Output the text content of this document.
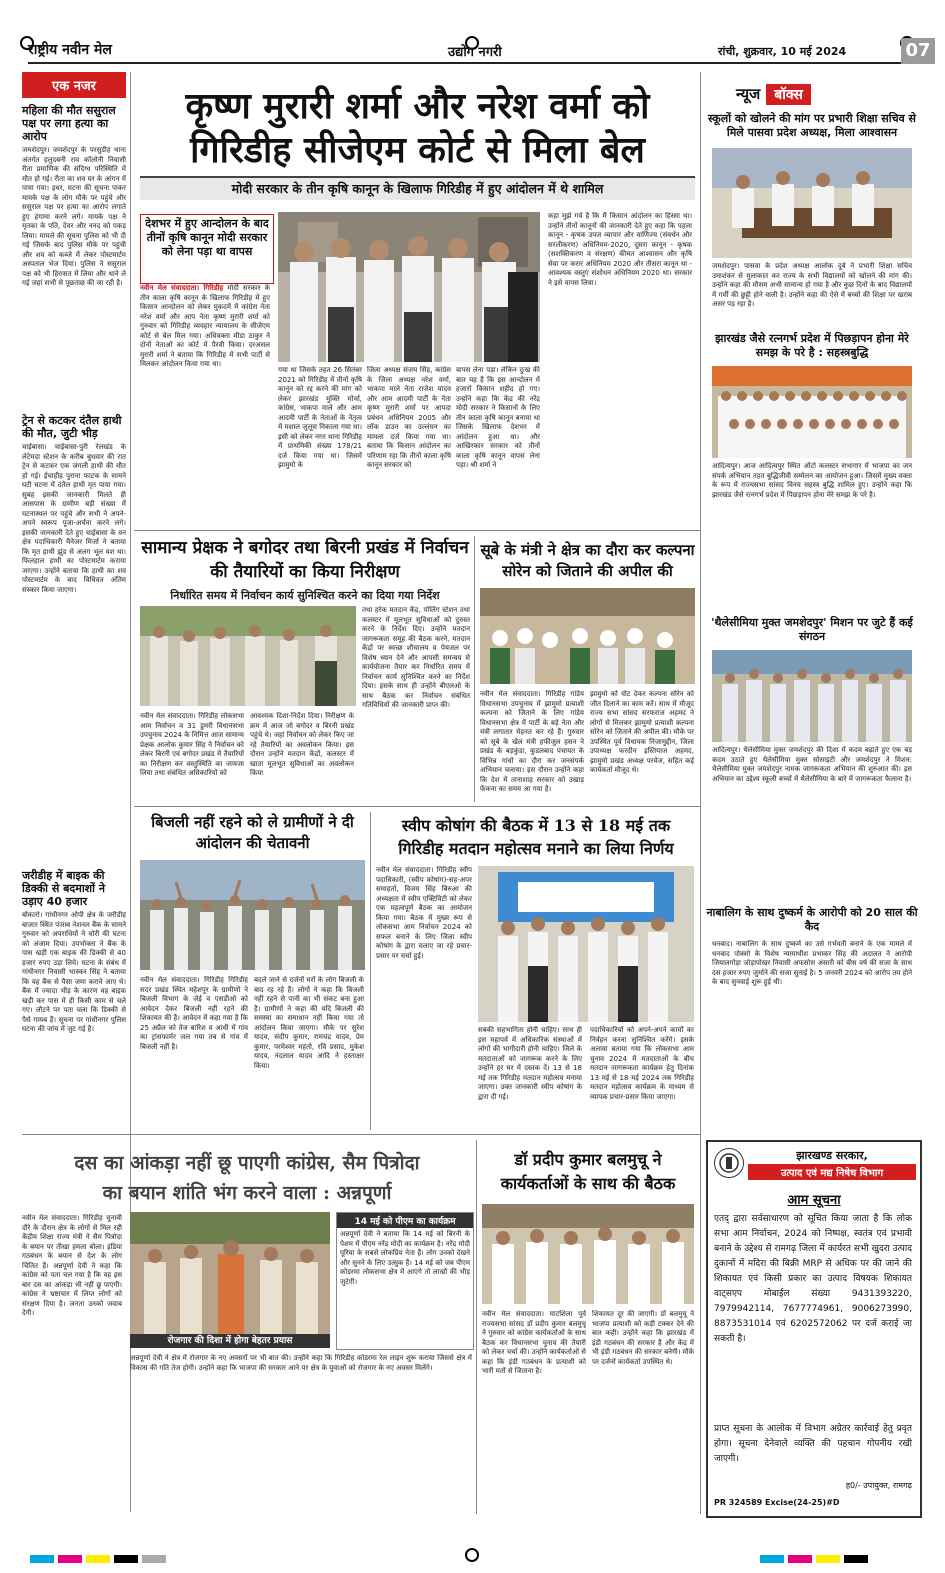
राष्ट्रीय नवीन मेल	उद्योग नगरी	रांची, शुक्रवार, 10 मई 2024	07
एक नजर
महिला की मौत ससुराल पक्ष पर लगा हत्या का आरोप
जमशेदपुर। जमशेदपुर के परसुडीह थाना अंतर्गत हलुदबनी राव कॉलोनी निवासी रीता प्रमाणिक की संदिग्ध परिस्थिति में मौत हो गई। रीता का शव घर के आंगन में पाया गया। इधर, घटना की सूचना पाकर मायके पक्ष के लोग मौके पर पहुंचे और ससुराल पक्ष पर हत्या का आरोप लगाते हुए हंगामा करने लगे। मायके पक्ष ने मृतका के पति, देवर और ननद को पकड़ लिया। मामले की सूचना पुलिस को भी दी गई जिसके बाद पुलिस मौके पर पहुंची और शव को कब्जे में लेकर पोस्टमार्टम अस्पताल भेज दिया। पुलिस ने ससुराल पक्ष को भी हिरासत में लिया और थाने ले गई जहां सभी से पूछताछ की जा रही है।
ट्रेन से कटकर दंतैल हाथी की मौत, जुटी भीड़
चाईबासा। चाईबासा-पुरी रेलखंड के लेटेमदा स्टेशन के करीब बुधवार की रात ट्रेन से कटकर एक जंगली हाथी की मौत हो गई। ईचाहीह पुराना फाटक के सामने घटी घटना में दंतैल हाथी मृत पाया गया। सुबह इसकी जानकारी मिलते ही आसपास के ग्रामीण बड़ी संख्या में घटनास्थल पर पहुंचे और सभी ने अपने-अपने स्वरूप पूजा-अर्चना करने लगे। इसकी जानकारी देते हुए चाईबासा के वन क्षेत्र पदाधिकारी मैनेजर मिर्जा ने बताया कि मृत हाथी झुंड से अलग भूल वश था। फिलहाल हाथी का पोस्टमार्टम कराया जाएगा। उन्होंने बताया कि हाथी का शव पोस्टमार्टम के बाद विधिवत अंतिम संस्कार किया जाएगा।
जरीडीह में बाइक की डिक्की से बदमाशों ने उड़ाए 40 हजार
बोकारो। गांधीनगर ओपी क्षेत्र के जरीडीह बाजार स्थित पंजाब नेशनल बैंक के सामने गुरुवार को अपराधियों ने चोरी की घटना को अंजाम दिया। उपभोक्ता ने बैंक के पास खड़ी एक बाइक की डिक्की से 40 हजार रुपए उड़ा लिये। घटना के संबंध में गांधीनगर निवासी भास्कर सिंह ने बताया कि वह बैंक से पैसा जमा कराने आए थे। बैंक में ज्यादा भीड़ के कारण वह बाइक खड़ी कर पास में ही किसी काम से चले गए। लौटने पर पता चला कि डिक्की से पैसे गायब हैं। सूचना पर गांधीनगर पुलिस घटना की जांच में जुट गई है।
कृष्ण मुरारी शर्मा और नरेश वर्मा को
गिरिडीह सीजेएम कोर्ट से मिला बेल
मोदी सरकार के तीन कृषि कानून के खिलाफ गिरिडीह में हुए आंदोलन में थे शामिल
देशभर में हुए आन्दोलन के बाद तीनों कृषि कानून मोदी सरकार को लेना पड़ा था वापस
नवीन मेल संवाददाता। गिरिडीह मोदी सरकार के तीन काला कृषि कानून के खिलाफ गिरिडीह में हुए किसान आन्दोलन को लेकर मुकदमें में कांग्रेस नेता नरेश वर्मा और आप नेता कृष्ण मुरारी शर्मा को गुरुवार को गिरिडीह व्यवहार न्यायालय के सीजेएम कोर्ट से बेल मिल गया। अधिवक्ता मीडा ठाकुर ने दोनों नेताओं का कोर्ट में पैरवी किया। दरअसल मुरारी शर्मा ने बताया कि गिरिडीह में सभी पार्टी से मिलकर आंदोलन किया गया था।
गया था जिसके तहत 26 सितंबर 2021 को गिरिडीह में तीनों कृषि कानून को रद्द करने की मांग को लेकर झारखंड मुक्ति मोर्चा, कांग्रेस, भाकपा माले और आम आदमी पार्टी के नेताओं के नेतृत्व में मशाल जुलूस निकाला गया था। इसी को लेकर नगर थाना गिरिडीह में प्राथमिकी संख्या 178/21 दर्ज किया गया था। जिसमें झामुमो के
जिला अध्यक्ष संजय सिंह, कांग्रेस के जिला अध्यक्ष नरेश वर्मा, भाकपा माले नेता राजेश यादव और आम आदमी पार्टी के नेता कृष्ण मुरारी शर्मा पर आपदा प्रबंधन अधिनियम 2005 और लॉक डाउन का उल्लंघन का मामला दर्ज किया गया था। बताया कि किसान आंदोलन का परिणाम रहा कि तीनों काला कृषि कानून सरकार को
वापस लेना पड़ा। लेकिन दुःख की बात यह है कि इस आन्दोलन में हजारों किसान शहीद हो गए। उन्होंने कहा कि केंद्र की नरेंद्र मोदी सरकार ने किसानों के लिए तीन काला कृषि कानून बनाया था जिसके खिलाफ देशभर में आंदोलन हुआ था। और आखिरकार सरकार को तीनों काला कृषि कानून वापस लेना पड़ा। श्री शर्मा ने
कहा मुझे गर्व है कि मैं किसान आंदोलन का हिस्सा था। उन्होंने तीनों कानूनों की जानकारी देते हुए कहा कि पहला कानून - कृषक उपज व्यापार और वाणिज्य (संवर्धन और सरलीकरण) अधिनियम-2020, दूसरा कानून - कृषक (सशक्तिकरण व संरक्षण) कीमत आश्वासन और कृषि सेवा पर करार अधिनियम 2020 और तीसरा कानून था - आवश्यक वस्तुएं संशोधन अधिनियम 2020 था। सरकार ने इसे वापस लिया।
सामान्य प्रेक्षक ने बगोदर तथा बिरनी प्रखंड में निर्वाचन की तैयारियों का किया निरीक्षण
निर्धारित समय में निर्वाचन कार्य सुनिश्चित करने का दिया गया निर्देश
नवीन मेल संवाददाता। गिरिडीह लोकसभा आम निर्वाचन व 31 डुमरी विधानसभा उपचुनाव 2024 के निमित्त आज सामान्य प्रेक्षक आलोक कुमार सिंह ने निर्वाचन को लेकर बिरनी एवं बगोदर प्रखंड में तैयारियों का निरीक्षण कर वस्तुस्थिति का जायजा लिया तथा संबंधित अधिकारियों को
आवश्यक दिशा-निर्देश दिया। निरीक्षण के क्रम में आज जो बगोदर व बिरनी प्रखंड पहुंचे थे। जहां निर्वाचन को लेकर किए जा रहे तैयारियों का अवलोकन किया। इस दौरान उन्होंने मतदान केंद्रों, कलस्टर में खाता मूलभूत सुविधाओं का अवलोकन किया
तथा हरेक मतदान केंद्र, पोलिंग स्टेशन तथा कलस्टर में मूलभूत सुविधाओं को दुरुस्त करने के निर्देश दिए। उन्होंने मतदान जागरूकता समूह की बैठक करने, मतदान केंद्रों पर स्वच्छ शौचालय व पेयजल पर विशेष ध्यान देने और आपसी समन्वय से कार्ययोजना तैयार कर निर्धारित समय में निर्वाचन कार्य सुनिश्चित करने का निर्देश दिया। इसके साथ ही उन्होंने बीएलओ के साथ बैठक कर निर्वाचन संबंधित गतिविधियों की जानकारी प्राप्त की।
सूबे के मंत्री ने क्षेत्र का दौरा कर कल्पना सोरेन को जिताने की अपील की
नवीन मेल संवाददाता। गिरिडीह गांडेय विधानसभा उपचुनाव में झामुमो प्रत्याशी कल्पना को जिताने के लिए गांडेय विधानसभा क्षेत्र में पार्टी के बड़े नेता और मंत्री लगातार मेहनत कर रहे हैं। गुरुवार को सूबे के खेल मंत्री हफीजुल हसन ने प्रखंड के बड़कुंडा, कुडलबाद पंचायत के विभिन्न गांवों का दौरा कर जनसंपर्क अभियान चलाया। इस दौरान उन्होंने कहा कि देश में तानाशाह सरकार को उखाड़ फेंकना का समय आ गया है।
झामुमो को वोट देकर कल्पना सोरेन को जीत दिलाने का काम करें। साथ में मौजूद राज्य सभा सांसद सरफराज अहमद ने लोगों से मिलकर झामुमो प्रत्याशी कल्पना सोरेन को जिताने की अपील की। मौके पर उपस्थित पूर्व विधायक निजामुद्दीन, जिला उपाध्यक्ष फरदीन इस्तियाज अहमद, झामुमो प्रखंड अध्यक्ष परवेज, सहित कई कार्यकर्ता मौजूद थे।
बिजली नहीं रहने को ले ग्रामीणों ने दी आंदोलन की चेतावनी
नवीन मेल संवाददाता। गिरिडीह गिरिडीह सदर प्रखंड स्थित महेशपुर के ग्रामीणों ने बिजली विभाग के जेई व एसडीओ को आवेदन देकर बिजली नहीं रहने की शिकायत की है। आवेदन में कहा गया है कि 25 अप्रैल को तेज बारिश व आंधी में गांव का ट्रांसफार्मर जल गया तब से गांव में बिजली नहीं है।
बदले जाने से दर्जनों घरों के लोग बिजली के बाद रह रहे हैं। लोगों ने कहा कि बिजली नहीं रहने से पानी का भी संकट बना हुआ है। ग्रामीणों ने कहा की यदि बिजली की समस्या का समाधान नहीं किया गया तो आंदोलन किया जाएगा। मौके पर सुरेश यादव, संदीप कुमार, रामचंद्र यादव, प्रेम कुमार, परमेश्वर महतो, रवि प्रसाद, मुकेश यादव, नंदलाल यादव आदि ने हस्ताक्षर किया।
स्वीप कोषांग की बैठक में 13 से 18 मई तक
गिरिडीह मतदान महोत्सव मनाने का लिया निर्णय
नवीन मेल संवाददाता। गिरिडीह स्वीप पदाधिकारी, (स्वीप कोषांग)-सह-अपर समाहर्ता, विजय सिंह बिरुआ की अध्यक्षता में स्वीप एक्टिविटी को लेकर एक महत्वपूर्ण बैठक का आयोजन किया गया। बैठक में मुख्य रूप से लोकसभा आम निर्वाचन 2024 को सफल बनाने के लिए जिला स्वीप कोषांग के द्वारा चलाए जा रहे प्रचार-प्रसार पर चर्चा हुई।
सबकी सहभागिता होनी चाहिए। साथ ही इस महापर्व में अधिकारिक संस्थाओं में लोगों की भागीदारी होनी चाहिए। जिले के मतदाताओं को जागरूक करने के लिए उन्होंने हर घर में दस्तक दें। 13 से 18 मई तक गिरिडीह मतदान महोत्सव मनाया जाएगा। उक्त जानकारी स्वीप कोषांग के द्वारा दी गई।
पदाधिकारियों को अपने-अपने कार्यों का निर्वहन करना सुनिश्चित करेंगे। इसके अलावा बताया गया कि लोकसभा आम चुनाव 2024 में मतदाताओं के बीच मतदान जागरूकता कार्यक्रम हेतु दिनांक 13 मई से 18 मई 2024 तक गिरिडीह मतदान महोत्सव कार्यक्रम के माध्यम से व्यापक प्रचार-प्रसार किया जाएगा।
दस का आंकड़ा नहीं छू पाएगी कांग्रेस, सैम पित्रोदा
का बयान शांति भंग करने वाला : अन्नपूर्णा
नवीन मेल संवाददाता। गिरिडीह चुनावी दौरे के दौरान क्षेत्र के लोगों से मिल रही केंद्रीय शिक्षा राज्य मंत्री ने सैम पित्रोदा के बयान पर तीखा हमला बोला। इंडिया गठबंधन के बयान से देश के लोग चिंतित हैं। अन्नपूर्णा देवी ने कहा कि कांग्रेस को पता चल गया है कि वह इस बार दस का आंकड़ा भी नहीं छू पाएगी। कांग्रेस ने भ्रष्टाचार में लिप्त लोगों को संरक्षण दिया है। जनता उनको जवाब देगी।
रोजगार की दिशा में होगा बेहतर प्रयास
14 मई को पीएम का कार्यक्रम
अन्नपूर्णा देवी ने बताया कि 14 मई को बिरनी के पेशम में पीएम नरेंद्र मोदी का कार्यक्रम है। नरेंद्र मोदी पूरिया के सबसे लोकप्रिय नेता हैं। लोग उनको देखने और सुनने के लिए उत्सुक हैं। 14 मई को जब पीएम कोडरमा लोकसभा क्षेत्र में आएंगे तो लाखों की भीड़ जुटेगी।
अन्नपूर्णा देवी ने क्षेत्र में रोजगार के नए अवसरों पर भी बात की। उन्होंने कहा कि गिरिडीह कोडरमा रेल लाइन शुरू कराया जिससे क्षेत्र में विकास की गति तेज होगी। उन्होंने कहा कि भाजपा की सरकार आने पर क्षेत्र के युवाओं को रोजगार के नए अवसर मिलेंगे।
डॉ प्रदीप कुमार बलमुचू ने
कार्यकर्ताओं के साथ की बैठक
नवीन मेल संवाददाता। घाटशिला पूर्व राज्यसभा सांसद डॉ प्रदीप कुमार बलमुचू ने गुरुवार को कांग्रेस कार्यकर्ताओं के साथ बैठक कर विधानसभा चुनाव की तैयारी को लेकर चर्चा की। उन्होंने कार्यकर्ताओं से कहा कि इंडी गठबंधन के प्रत्याशी को भारी मतों से जिताना है।
शिकायत दूर की जाएगी। डॉ बलमुचू ने भाजपा प्रत्याशी को कड़ी टक्कर देने की बात कही। उन्होंने कहा कि झारखंड में इंडी गठबंधन की सरकार है और केंद्र में भी इंडी गठबंधन की सरकार बनेगी। मौके पर दर्जनों कार्यकर्ता उपस्थित थे।
न्यूज बॉक्स
स्कूलों को खोलने की मांग पर प्रभारी शिक्षा सचिव से मिले पासवा प्रदेश अध्यक्ष, मिला आश्वासन
जमशेदपुर। पासवा के प्रदेश अध्यक्ष आलोक दुबे ने प्रभारी शिक्षा सचिव उमाशंकर से मुलाकात कर राज्य के सभी विद्यालयों को खोलने की मांग की। उन्होंने कहा की मौसम अभी सामान्य हो गया है और कुछ दिनों के बाद विद्यालयों में गर्मी की छुट्टी होने वाली है। उन्होंने कहा की ऐसे में बच्चों की शिक्षा पर खराब असर पड़ रहा है।
झारखंड जैसे रत्नगर्भ प्रदेश में पिछड़ापन होना मेरे समझ के परे है : सहस्त्रबुद्धि
आदित्यपुर। आज आदित्यपुर स्थित ऑटो कलस्टर सभागार में भाजपा का जन संपर्क अभियान तहत बुद्धिजीवी सम्मेलन का आयोजन हुआ। जिसमें मुख्य वक्ता के रूप में राज्यसभा सांसद विनय सहस्त्र बुद्धि शामिल हुए। उन्होंने कहा कि झारखंड जैसे रत्नगर्भ प्रदेश में पिछड़ापन होना मेरे समझ के परे है।
'थैलेसीमिया मुक्त जमशेदपुर' मिशन पर जुटे हैं कई संगठन
आदित्यपुर। थैलेसीमिया मुक्त जमशेदपुर की दिशा में कदम बढ़ाते हुए एक बड़ कदम उठाते हुए थैलेसीमिया मुक्त सोसाइटी और जमशेदपुर ने मिशन: थैलेसीमिया मुक्त जमशेदपुर नामक जागरूकता अभियान की शुरुआत की। इस अभियान का उद्देश्य स्कूली बच्चों में थैलेसीमिया के बारे में जागरूकता फैलाना है।
नाबालिग के साथ दुष्कर्म के आरोपी को 20 साल की कैद
धनबाद। नाबालिग के साथ दुष्कर्म का उसे गर्भवती बनाने के एक मामले में धनबाद पोक्सो के विशेष न्यायाधीश प्रभाकर सिंह की अदालत ने आरोपी जियालगोड़ा जोड़ापोखर निवासी अफसोस अंसारी को बीस वर्ष की सजा के साथ दस हजार रुपए जुर्माने की सजा सुनाई है। 5 जनवरी 2024 को आरोप तय होने के बाद सुनवाई शुरू हुई थी।
झारखण्ड सरकार,
उत्पाद एवं मद्य निषेध विभाग
आम सूचना
एतद् द्वारा सर्वसाधारण को सूचित किया जाता है कि लोक सभा आम निर्वाचन, 2024 को निष्पक्ष, स्वतंत्र एवं प्रभावी बनाने के उद्देश्य से रामगढ़ जिला में कार्यरत सभी खुदरा उत्पाद दुकानों में मदिरा की बिक्री MRP से अधिक पर की जाने की शिकायत एवं किसी प्रकार का उत्पाद विषयक शिकायत वाट्सएप मोबाईल संख्या 9431393220, 7979942114, 7677774961, 9006273990, 8873531014 एवं 6202572062 पर दर्ज कराई जा सकती है।
प्राप्त सूचना के आलोक में विभाग अग्रेतर कार्रवाई हेतु प्रवृत होगा। सूचना देनेवाले व्यक्ति की पहचान गोपनीय रखी जाएगी।
ह0/- उपायुक्त, रामगढ़
PR 324589 Excise(24-25)#D
